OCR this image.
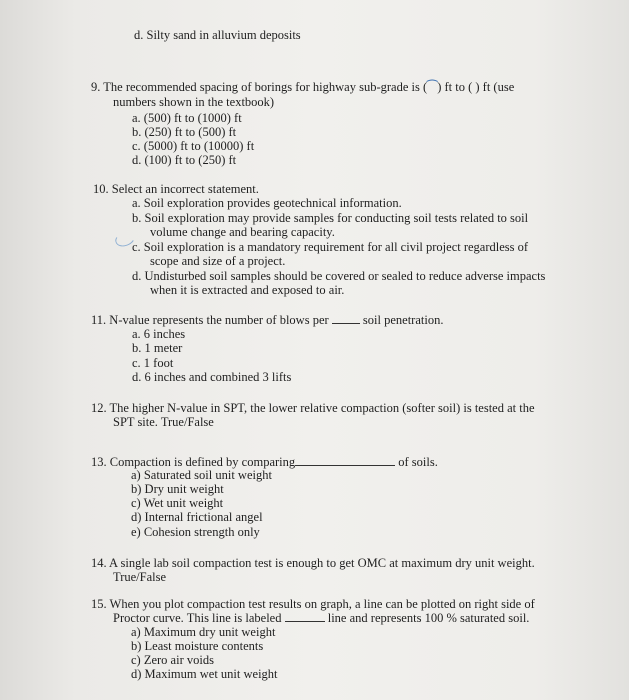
d. Silty sand in alluvium deposits
9. The recommended spacing of borings for highway sub-grade is (⁀) ft to ( ) ft (use
numbers shown in the textbook)
a. (500) ft to (1000) ft
b. (250) ft to (500) ft
c. (5000) ft to (10000) ft
d. (100) ft to (250) ft
10. Select an incorrect statement.
a. Soil exploration provides geotechnical information.
b. Soil exploration may provide samples for conducting soil tests related to soil
volume change and bearing capacity.
c. Soil exploration is a mandatory requirement for all civil project regardless of
scope and size of a project.
d. Undisturbed soil samples should be covered or sealed to reduce adverse impacts
when it is extracted and exposed to air.
11. N-value represents the number of blows per	soil penetration.
a. 6 inches
b. 1 meter
c. 1 foot
d. 6 inches and combined 3 lifts
12. The higher N-value in SPT, the lower relative compaction (softer soil) is tested at the
SPT site. True/False
13. Compaction is defined by comparing	of soils.
a) Saturated soil unit weight
b) Dry unit weight
c) Wet unit weight
d) Internal frictional angel
e) Cohesion strength only
14. A single lab soil compaction test is enough to get OMC at maximum dry unit weight.
True/False
15. When you plot compaction test results on graph, a line can be plotted on right side of
Proctor curve. This line is labeled	line and represents 100 % saturated soil.
a) Maximum dry unit weight
b) Least moisture contents
c) Zero air voids
d) Maximum wet unit weight
